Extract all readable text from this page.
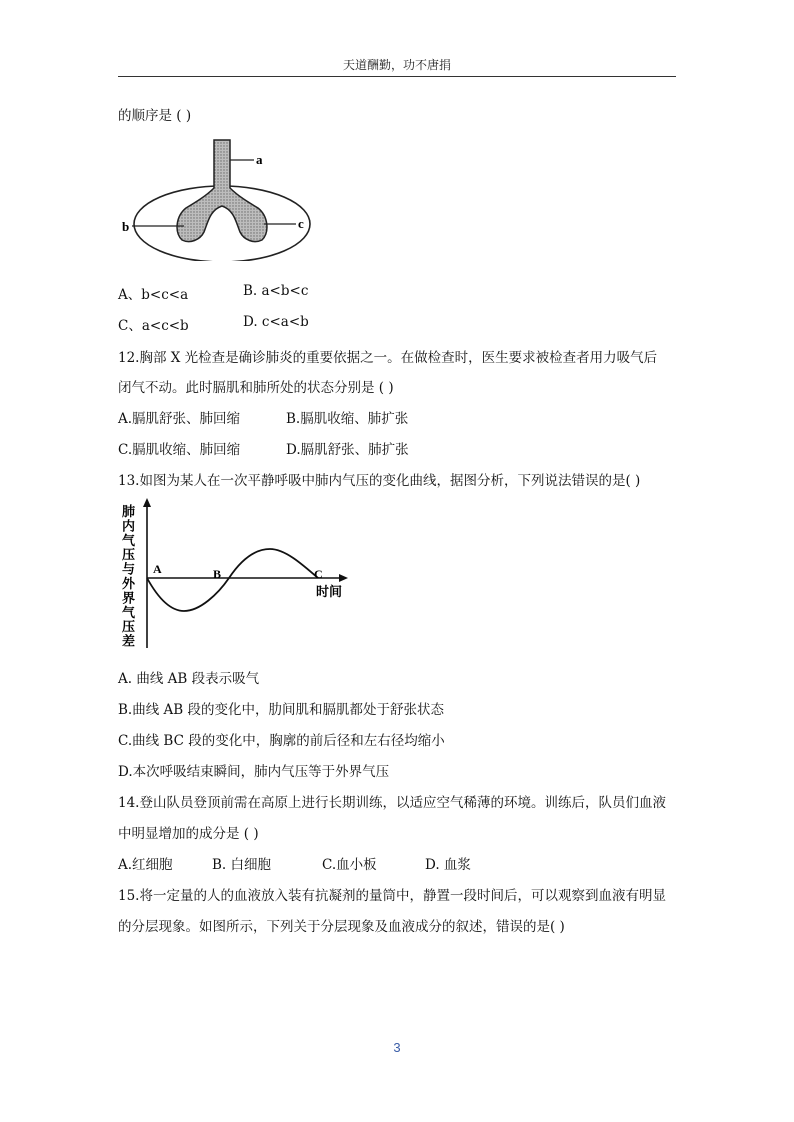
天道酬勤，功不唐捐
的顺序是 ( )
a
b	c
A、b<c<a	B. a<b<c
C、a<c<b	D. c<a<b
12.胸部 X 光检查是确诊肺炎的重要依据之一。在做检查时，医生要求被检查者用力吸气后
闭气不动。此时膈肌和肺所处的状态分别是 ( )
A.膈肌舒张、肺回缩	B.膈肌收缩、肺扩张
C.膈肌收缩、肺回缩	D.膈肌舒张、肺扩张
13.如图为某人在一次平静呼吸中肺内气压的变化曲线，据图分析，下列说法错误的是( )
肺
内
气
压
与
外
界
气
压
差
A	B	C
时间
A. 曲线 AB 段表示吸气
B.曲线 AB 段的变化中，肋间肌和膈肌都处于舒张状态
C.曲线 BC 段的变化中，胸廓的前后径和左右径均缩小
D.本次呼吸结束瞬间，肺内气压等于外界气压
14.登山队员登顶前需在高原上进行长期训练，以适应空气稀薄的环境。训练后，队员们血液
中明显增加的成分是 ( )
A.红细胞	B. 白细胞	C.血小板	D. 血浆
15.将一定量的人的血液放入装有抗凝剂的量筒中，静置一段时间后，可以观察到血液有明显
的分层现象。如图所示，下列关于分层现象及血液成分的叙述，错误的是( )
3
